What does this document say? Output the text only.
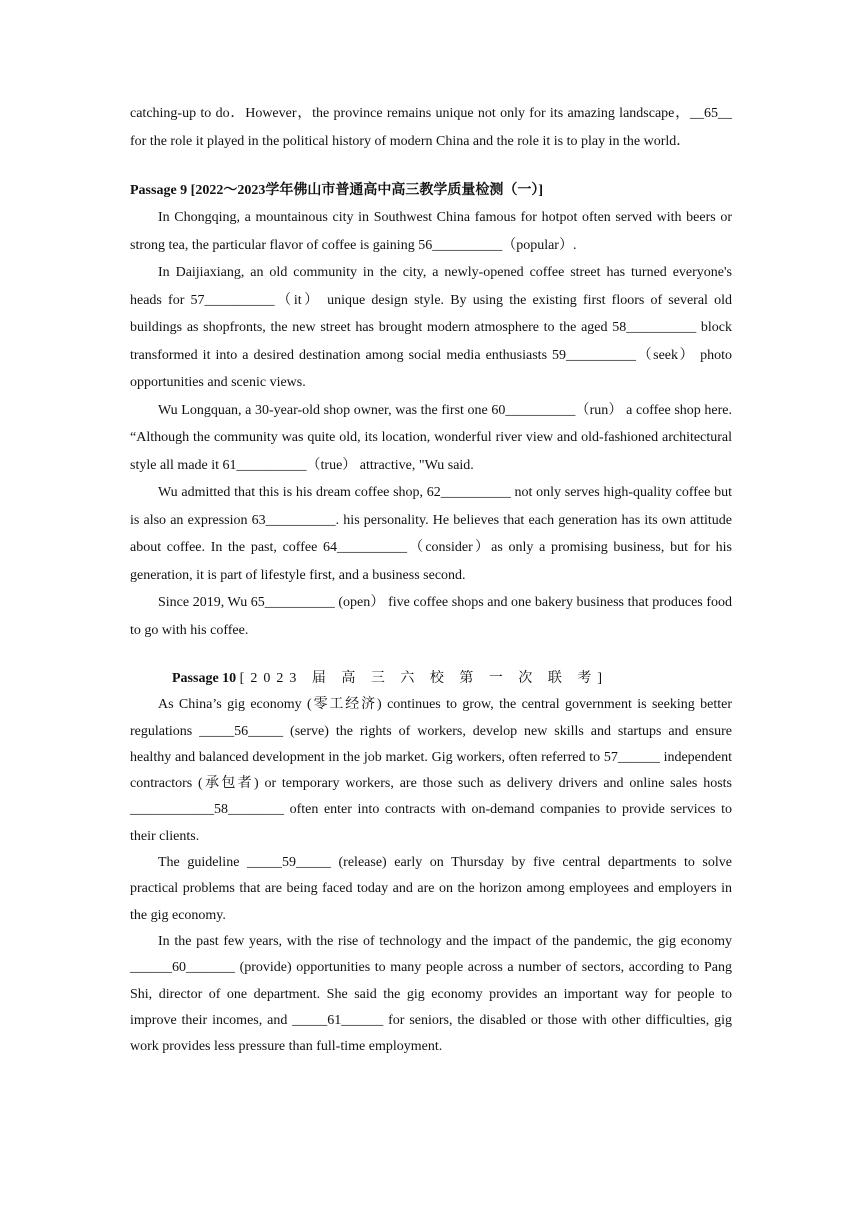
catching-up to do．However，the province remains unique not only for its amazing landscape，__65__ for the role it played in the political history of modern China and the role it is to play in the world．

Passage 9 [2022～2023学年佛山市普通高中高三教学质量检测（一）]

In Chongqing, a mountainous city in Southwest China famous for hotpot often served with beers or strong tea, the particular flavor of coffee is gaining 56__________（popular）.

In Daijiaxiang, an old community in the city, a newly-opened coffee street has turned everyone's heads for 57__________（it） unique design style. By using the existing first floors of several old buildings as shopfronts, the new street has brought modern atmosphere to the aged 58__________ block transformed it into a desired destination among social media enthusiasts 59__________（seek） photo opportunities and scenic views.

Wu Longquan, a 30-year-old shop owner, was the first one 60__________（run） a coffee shop here. “Although the community was quite old, its location, wonderful river view and old-fashioned architectural style all made it 61__________（true） attractive, "Wu said.

Wu admitted that this is his dream coffee shop, 62__________ not only serves high-quality coffee but is also an expression 63__________. his personality. He believes that each generation has its own attitude about coffee. In the past, coffee 64__________（consider）as only a promising business, but for his generation, it is part of lifestyle first, and a business second.

Since 2019, Wu 65__________ (open） five coffee shops and one bakery business that produces food to go with his coffee.

Passage 10 [2023 届 高 三 六 校 第 一 次 联 考]

As China’s gig economy (零工经济) continues to grow, the central government is seeking better regulations _____56_____ (serve) the rights of workers, develop new skills and startups and ensure healthy and balanced development in the job market. Gig workers, often referred to 57______ independent contractors (承包者) or temporary workers, are those such as delivery drivers and online sales hosts ____________58________ often enter into contracts with on-demand companies to provide services to their clients.

The guideline _____59_____ (release) early on Thursday by five central departments to solve practical problems that are being faced today and are on the horizon among employees and employers in the gig economy.

In the past few years, with the rise of technology and the impact of the pandemic, the gig economy ______60_______ (provide) opportunities to many people across a number of sectors, according to Pang Shi, director of one department. She said the gig economy provides an important way for people to improve their incomes, and _____61______ for seniors, the disabled or those with other difficulties, gig work provides less pressure than full-time employment.
